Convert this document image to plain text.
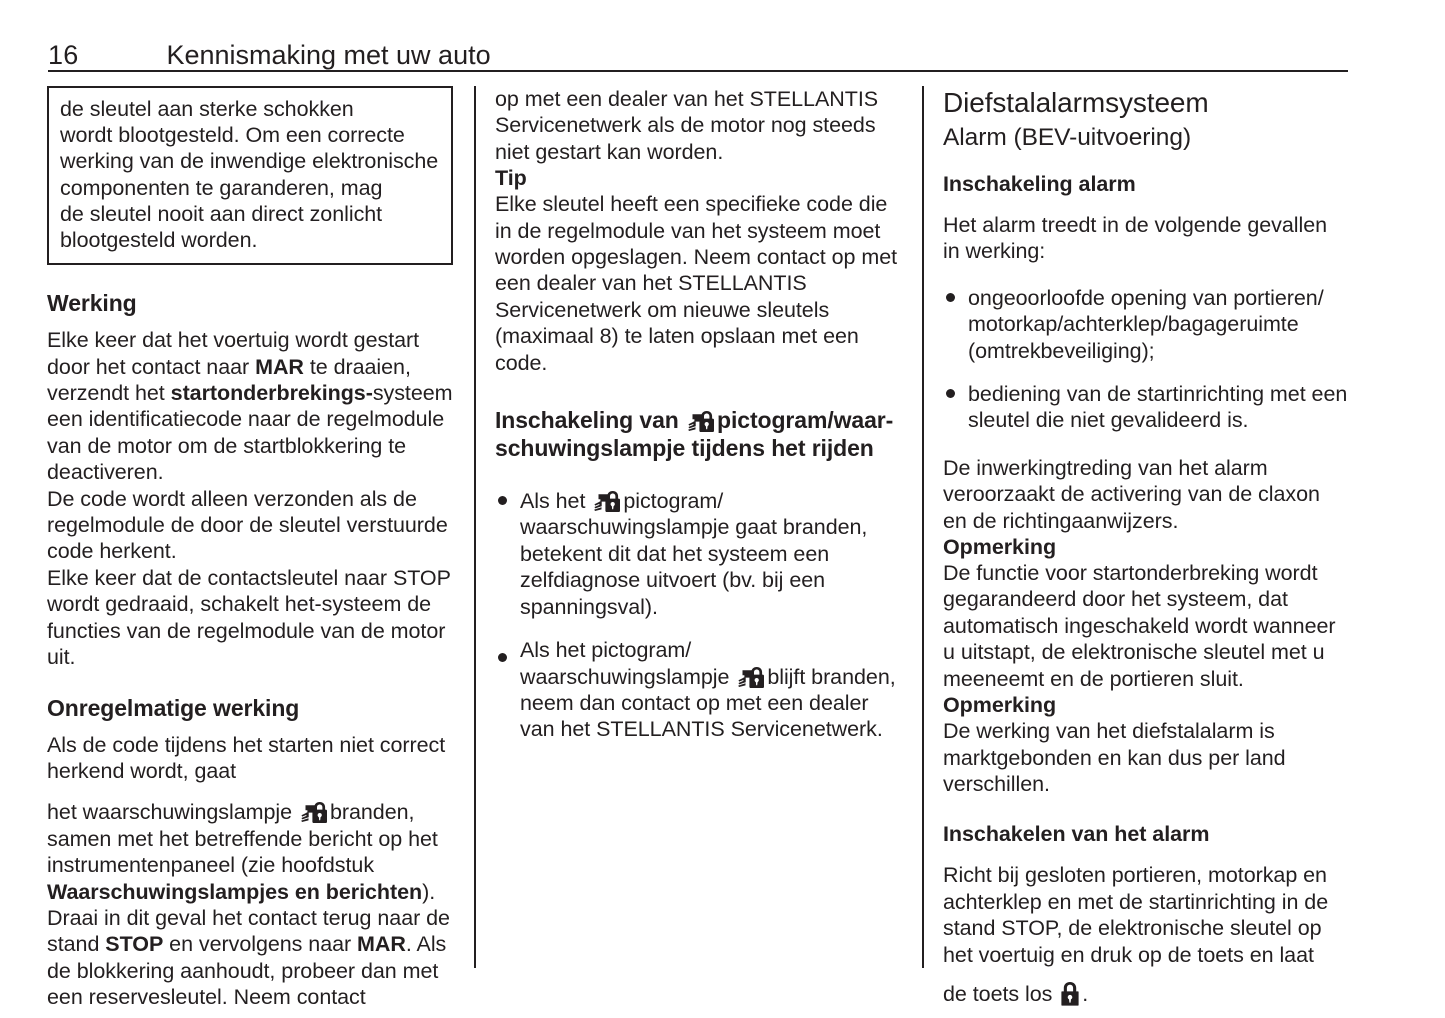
16	Kennismaking met uw auto

de sleutel aan sterke schokken

wordt blootgesteld. Om een correcte

werking van de inwendige elektronische

componenten te garanderen, mag

de sleutel nooit aan direct zonlicht

blootgesteld worden.

Werking

Elke keer dat het voertuig wordt gestart door het contact naar MAR te draaien, verzendt het startonderbrekings-systeem een identificatiecode naar de regelmodule van de motor om de startblokkering te deactiveren.

De code wordt alleen verzonden als de regelmodule de door de sleutel verstuurde code herkent.

Elke keer dat de contactsleutel naar STOP wordt gedraaid, schakelt het-systeem de functies van de regelmodule van de motor uit.

Onregelmatige werking

Als de code tijdens het starten niet correct herkend wordt, gaat

het waarschuwingslampje branden, samen met het betreffende bericht op het instrumentenpaneel (zie hoofdstuk Waarschuwingslampjes en berichten).

Draai in dit geval het contact terug naar de stand STOP en vervolgens naar MAR. Als de blokkering aanhoudt, probeer dan met een reservesleutel. Neem contact

op met een dealer van het STELLANTIS Servicenetwerk als de motor nog steeds niet gestart kan worden.

Tip

Elke sleutel heeft een specifieke code die in de regelmodule van het systeem moet worden opgeslagen. Neem contact op met een dealer van het STELLANTIS Servicenetwerk om nieuwe sleutels (maximaal 8) te laten opslaan met een code.

Inschakeling van pictogram/waar-schuwingslampje tijdens het rijden
Als het pictogram/ waarschuwingslampje gaat branden, betekent dit dat het systeem een zelfdiagnose uitvoert (bv. bij een spanningsval).
Als het pictogram/
waarschuwingslampje blijft branden, neem dan contact op met een dealer van het STELLANTIS Servicenetwerk.
Diefstalalarmsysteem
Alarm (BEV-uitvoering)
Inschakeling alarm

Het alarm treedt in de volgende gevallen in werking:

ongeoorloofde opening van portieren/ motorkap/achterklep/bagageruimte (omtrekbeveiliging);
bediening van de startinrichting met een sleutel die niet gevalideerd is.

De inwerkingtreding van het alarm veroorzaakt de activering van de claxon en de richtingaanwijzers.

Opmerking

De functie voor startonderbreking wordt gegarandeerd door het systeem, dat automatisch ingeschakeld wordt wanneer u uitstapt, de elektronische sleutel met u meeneemt en de portieren sluit.

Opmerking

De werking van het diefstalalarm is marktgebonden en kan dus per land verschillen.

Inschakelen van het alarm

Richt bij gesloten portieren, motorkap en achterklep en met de startinrichting in de stand STOP, de elektronische sleutel op het voertuig en druk op de toets en laat

de toets los .
